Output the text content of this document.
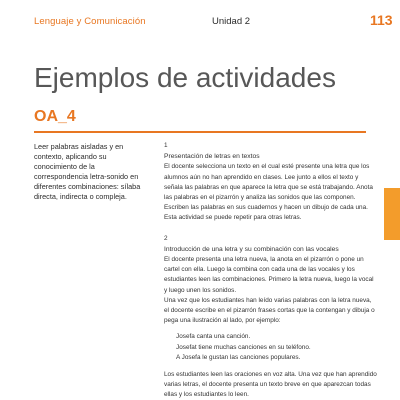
Lenguaje y Comunicación	Unidad 2	113
Ejemplos de actividades
OA_4
Leer palabras aisladas y en contexto, aplicando su conocimiento de la correspondencia letra-sonido en diferentes combinaciones: sílaba directa, indirecta o compleja.

1

Presentación de letras en textos

El docente selecciona un texto en el cual esté presente una letra que los alumnos aún no han aprendido en clases. Lee junto a ellos el texto y señala las palabras en que aparece la letra que se está trabajando. Anota las palabras en el pizarrón y analiza las sonidos que las componen. Escriben las palabras en sus cuadernos y hacen un dibujo de cada una. Esta actividad se puede repetir para otras letras.

2

Introducción de una letra y su combinación con las vocales

El docente presenta una letra nueva, la anota en el pizarrón o pone un cartel con ella. Luego la combina con cada una de las vocales y los estudiantes leen las combinaciones. Primero la letra nueva, luego la vocal y luego unen los sonidos.

Una vez que los estudiantes han leído varias palabras con la letra nueva, el docente escribe en el pizarrón frases cortas que la contengan y dibuja o pega una ilustración al lado, por ejemplo:

Josefa canta una canción.

Josefat tiene muchas canciones en su teléfono.

A Josefa le gustan las canciones populares.

Los estudiantes leen las oraciones en voz alta. Una vez que han aprendido varias letras, el docente presenta un texto breve en que aparezcan todas ellas y los estudiantes lo leen.
